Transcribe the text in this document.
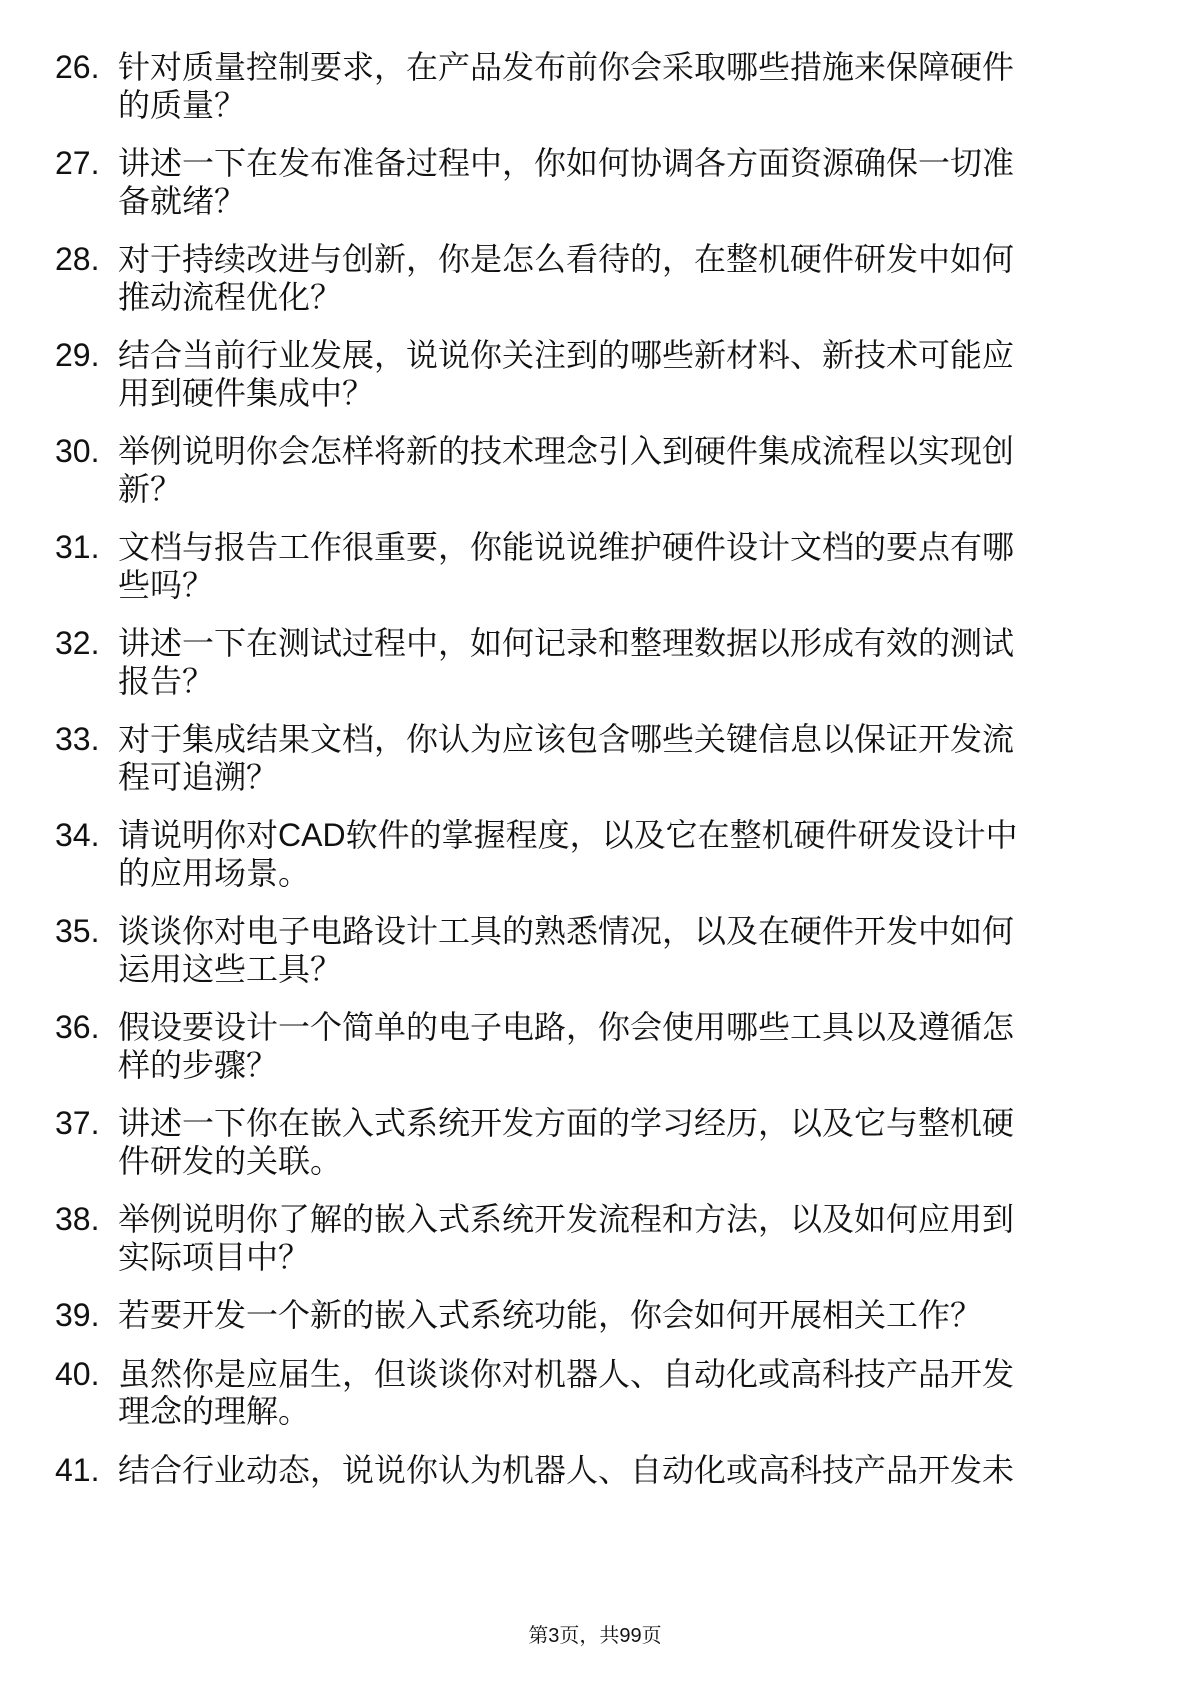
26. 针对质量控制要求，在产品发布前你会采取哪些措施来保障硬件
的质量？
27. 讲述一下在发布准备过程中，你如何协调各方面资源确保一切准
备就绪？
28. 对于持续改进与创新，你是怎么看待的，在整机硬件研发中如何
推动流程优化？
29. 结合当前行业发展，说说你关注到的哪些新材料、新技术可能应
用到硬件集成中？
30. 举例说明你会怎样将新的技术理念引入到硬件集成流程以实现创
新？
31. 文档与报告工作很重要，你能说说维护硬件设计文档的要点有哪
些吗？
32. 讲述一下在测试过程中，如何记录和整理数据以形成有效的测试
报告？
33. 对于集成结果文档，你认为应该包含哪些关键信息以保证开发流
程可追溯？
34. 请说明你对CAD软件的掌握程度，以及它在整机硬件研发设计中
的应用场景。
35. 谈谈你对电子电路设计工具的熟悉情况，以及在硬件开发中如何
运用这些工具？
36. 假设要设计一个简单的电子电路，你会使用哪些工具以及遵循怎
样的步骤？
37. 讲述一下你在嵌入式系统开发方面的学习经历，以及它与整机硬
件研发的关联。
38. 举例说明你了解的嵌入式系统开发流程和方法，以及如何应用到
实际项目中？
39. 若要开发一个新的嵌入式系统功能，你会如何开展相关工作？
40. 虽然你是应届生，但谈谈你对机器人、自动化或高科技产品开发
理念的理解。
41. 结合行业动态，说说你认为机器人、自动化或高科技产品开发未
第3页，共99页
